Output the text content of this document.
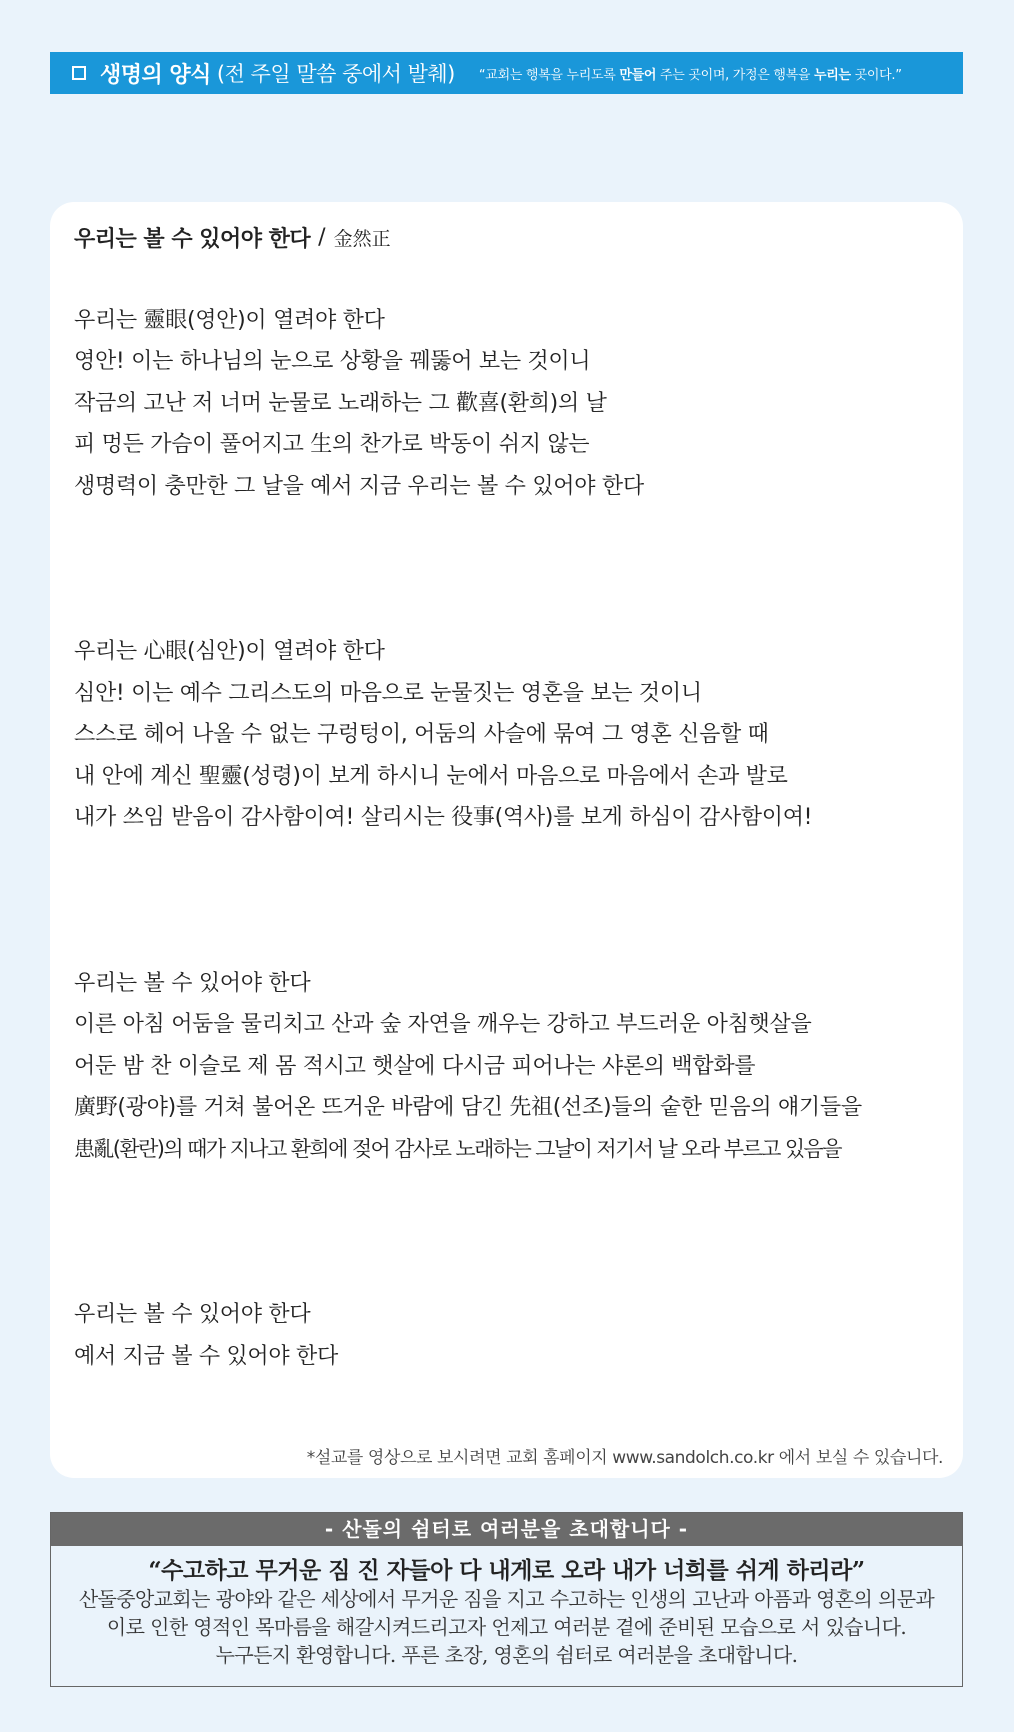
생명의 양식 (전 주일 말씀 중에서 발췌) “교회는 행복을 누리도록 만들어 주는 곳이며, 가정은 행복을 누리는 곳이다.”
우리는 볼 수 있어야 한다 / 金然正
우리는 靈眼(영안)이 열려야 한다
영안! 이는 하나님의 눈으로 상황을 꿰뚫어 보는 것이니
작금의 고난 저 너머 눈물로 노래하는 그 歡喜(환희)의 날
피 멍든 가슴이 풀어지고 生의 찬가로 박동이 쉬지 않는
생명력이 충만한 그 날을 예서 지금 우리는 볼 수 있어야 한다
우리는 心眼(심안)이 열려야 한다
심안! 이는 예수 그리스도의 마음으로 눈물짓는 영혼을 보는 것이니
스스로 헤어 나올 수 없는 구렁텅이, 어둠의 사슬에 묶여 그 영혼 신음할 때
내 안에 계신 聖靈(성령)이 보게 하시니 눈에서 마음으로 마음에서 손과 발로
내가 쓰임 받음이 감사함이여! 살리시는 役事(역사)를 보게 하심이 감사함이여!
우리는 볼 수 있어야 한다
이른 아침 어둠을 물리치고 산과 숲 자연을 깨우는 강하고 부드러운 아침햇살을
어둔 밤 찬 이슬로 제 몸 적시고 햇살에 다시금 피어나는 샤론의 백합화를
廣野(광야)를 거쳐 불어온 뜨거운 바람에 담긴 先祖(선조)들의 숱한 믿음의 얘기들을
患亂(환란)의 때가 지나고 환희에 젖어 감사로 노래하는 그날이 저기서 날 오라 부르고 있음을
우리는 볼 수 있어야 한다
예서 지금 볼 수 있어야 한다
*설교를 영상으로 보시려면 교회 홈페이지 www.sandolch.co.kr 에서 보실 수 있습니다.
- 산돌의 쉼터로 여러분을 초대합니다 -
“수고하고 무거운 짐 진 자들아 다 내게로 오라 내가 너희를 쉬게 하리라”
산돌중앙교회는 광야와 같은 세상에서 무거운 짐을 지고 수고하는 인생의 고난과 아픔과 영혼의 의문과
이로 인한 영적인 목마름을 해갈시켜드리고자 언제고 여러분 곁에 준비된 모습으로 서 있습니다.
누구든지 환영합니다. 푸른 초장, 영혼의 쉼터로 여러분을 초대합니다.
